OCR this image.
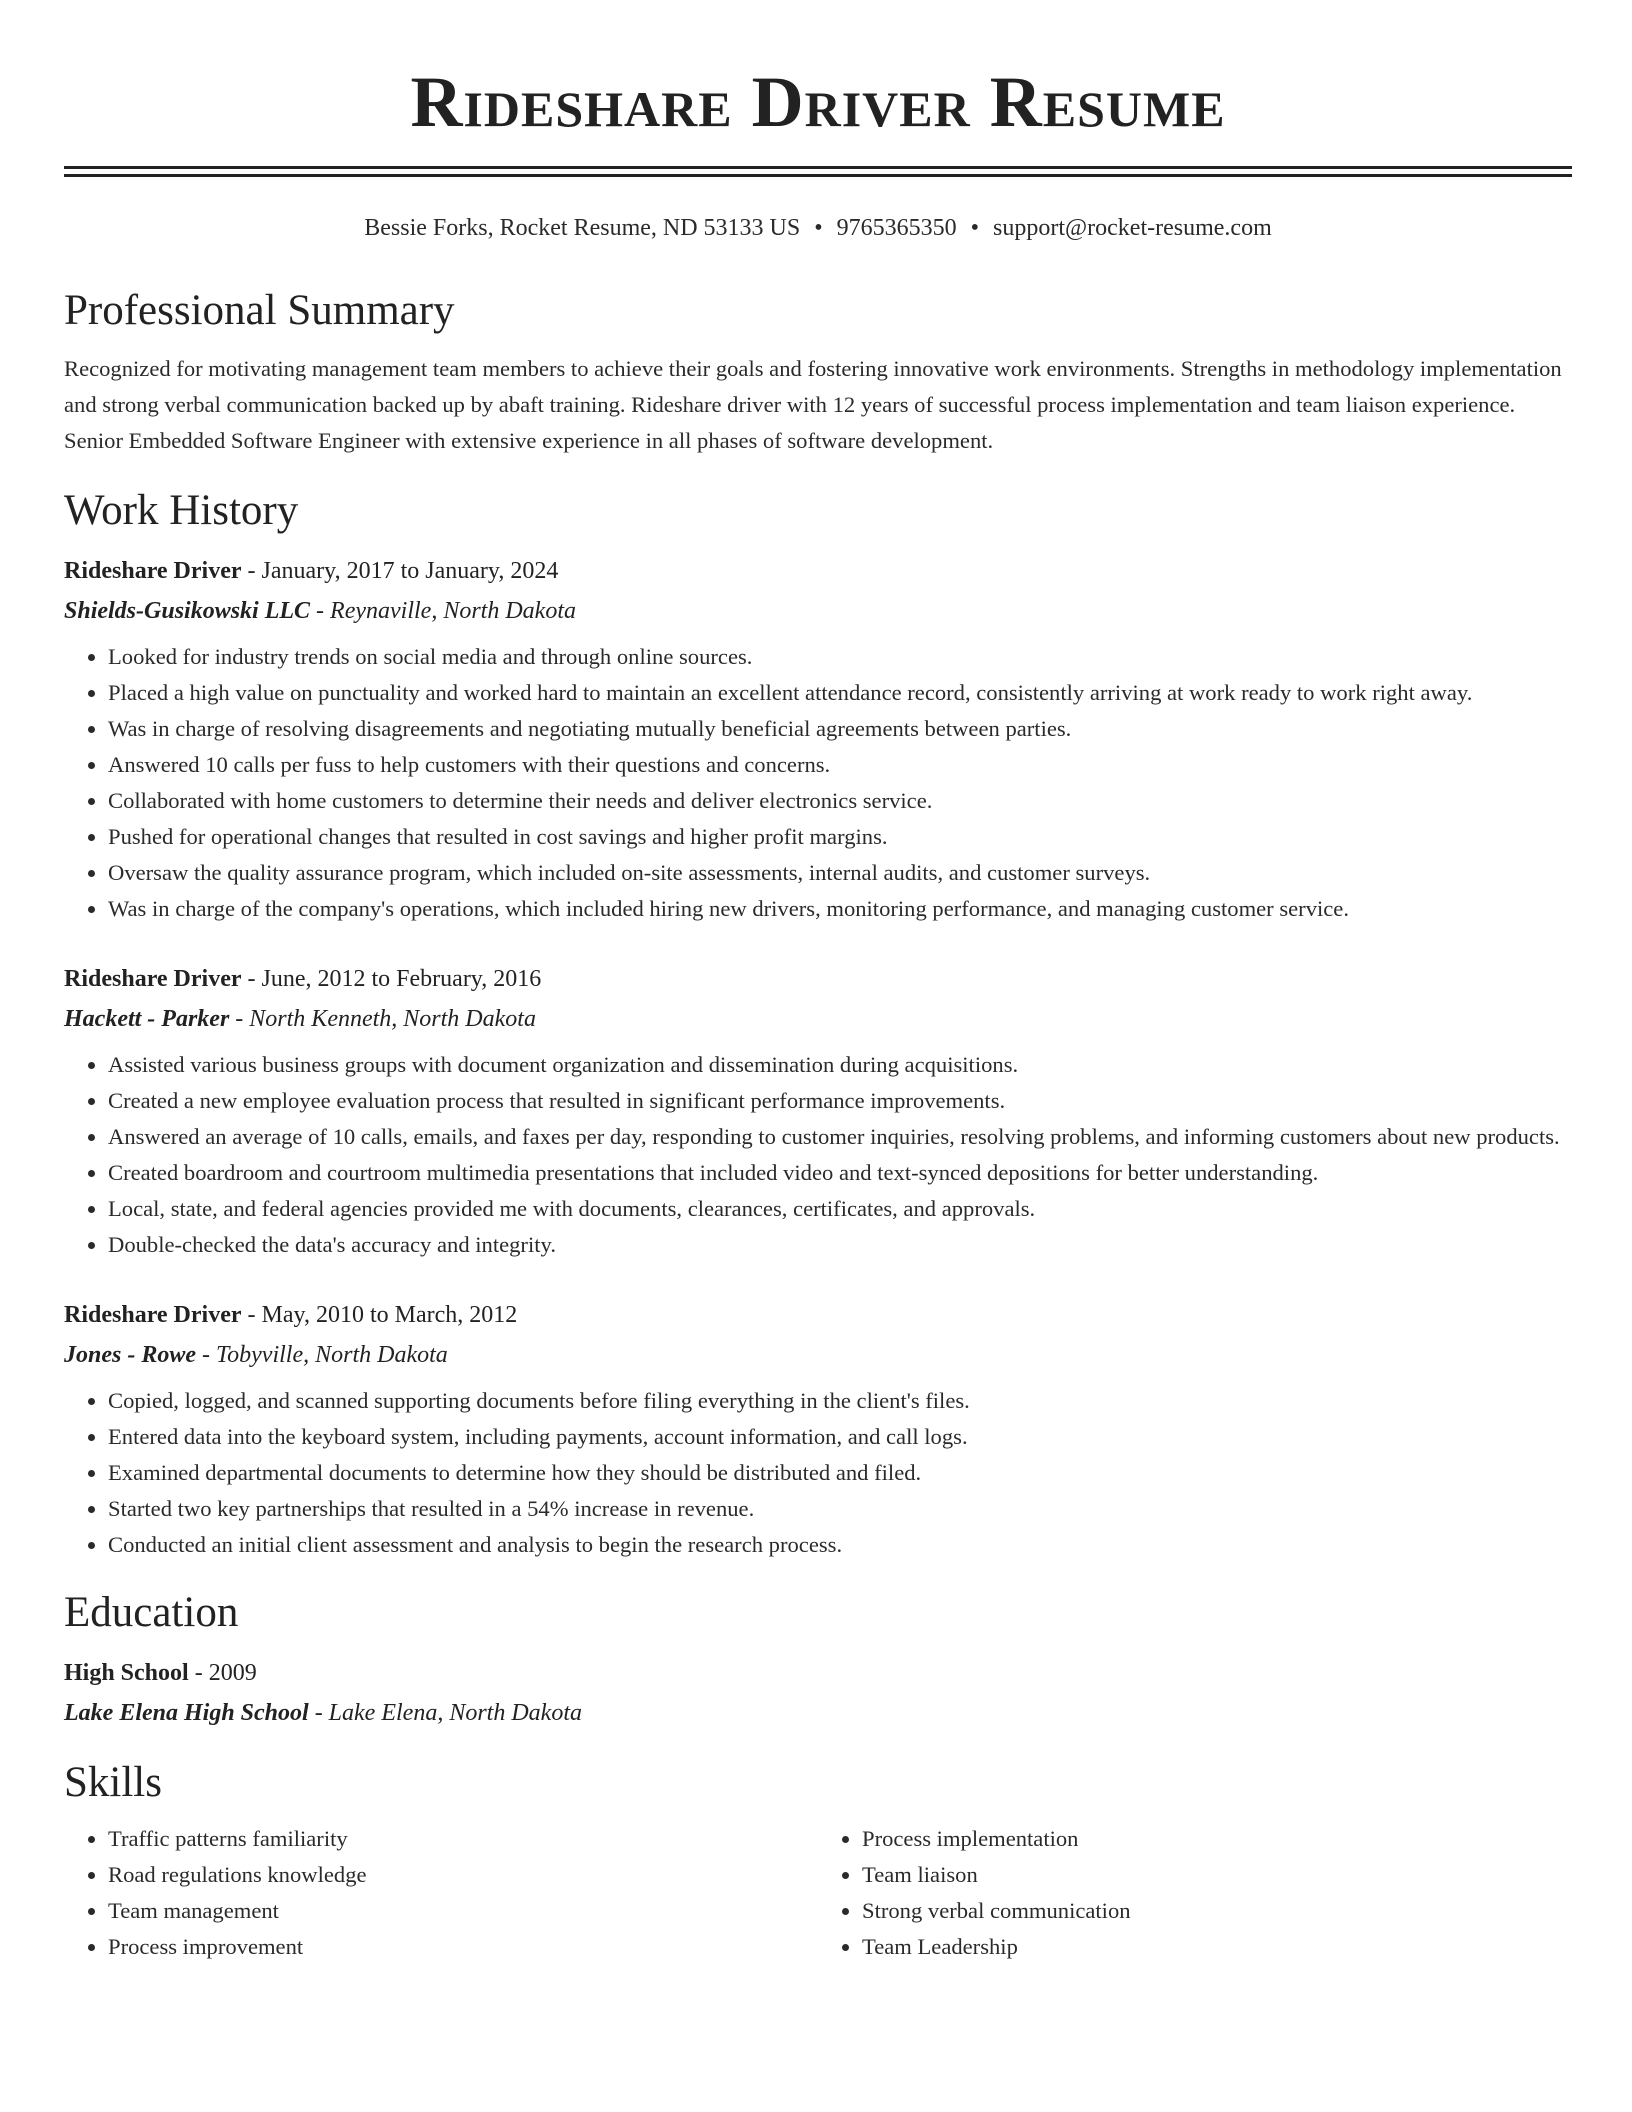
Rideshare Driver Resume
Bessie Forks, Rocket Resume, ND 53133 US • 9765365350 • support@rocket-resume.com
Professional Summary
Recognized for motivating management team members to achieve their goals and fostering innovative work environments. Strengths in methodology implementation and strong verbal communication backed up by abaft training. Rideshare driver with 12 years of successful process implementation and team liaison experience. Senior Embedded Software Engineer with extensive experience in all phases of software development.
Work History
Rideshare Driver - January, 2017 to January, 2024
Shields-Gusikowski LLC - Reynaville, North Dakota
• Looked for industry trends on social media and through online sources.
• Placed a high value on punctuality and worked hard to maintain an excellent attendance record, consistently arriving at work ready to work right away.
• Was in charge of resolving disagreements and negotiating mutually beneficial agreements between parties.
• Answered 10 calls per fuss to help customers with their questions and concerns.
• Collaborated with home customers to determine their needs and deliver electronics service.
• Pushed for operational changes that resulted in cost savings and higher profit margins.
• Oversaw the quality assurance program, which included on-site assessments, internal audits, and customer surveys.
• Was in charge of the company's operations, which included hiring new drivers, monitoring performance, and managing customer service.
Rideshare Driver - June, 2012 to February, 2016
Hackett - Parker - North Kenneth, North Dakota
• Assisted various business groups with document organization and dissemination during acquisitions.
• Created a new employee evaluation process that resulted in significant performance improvements.
• Answered an average of 10 calls, emails, and faxes per day, responding to customer inquiries, resolving problems, and informing customers about new products.
• Created boardroom and courtroom multimedia presentations that included video and text-synced depositions for better understanding.
• Local, state, and federal agencies provided me with documents, clearances, certificates, and approvals.
• Double-checked the data's accuracy and integrity.
Rideshare Driver - May, 2010 to March, 2012
Jones - Rowe - Tobyville, North Dakota
• Copied, logged, and scanned supporting documents before filing everything in the client's files.
• Entered data into the keyboard system, including payments, account information, and call logs.
• Examined departmental documents to determine how they should be distributed and filed.
• Started two key partnerships that resulted in a 54% increase in revenue.
• Conducted an initial client assessment and analysis to begin the research process.
Education
High School - 2009
Lake Elena High School - Lake Elena, North Dakota
Skills
• Traffic patterns familiarity
• Road regulations knowledge
• Team management
• Process improvement
• Process implementation
• Team liaison
• Strong verbal communication
• Team Leadership
